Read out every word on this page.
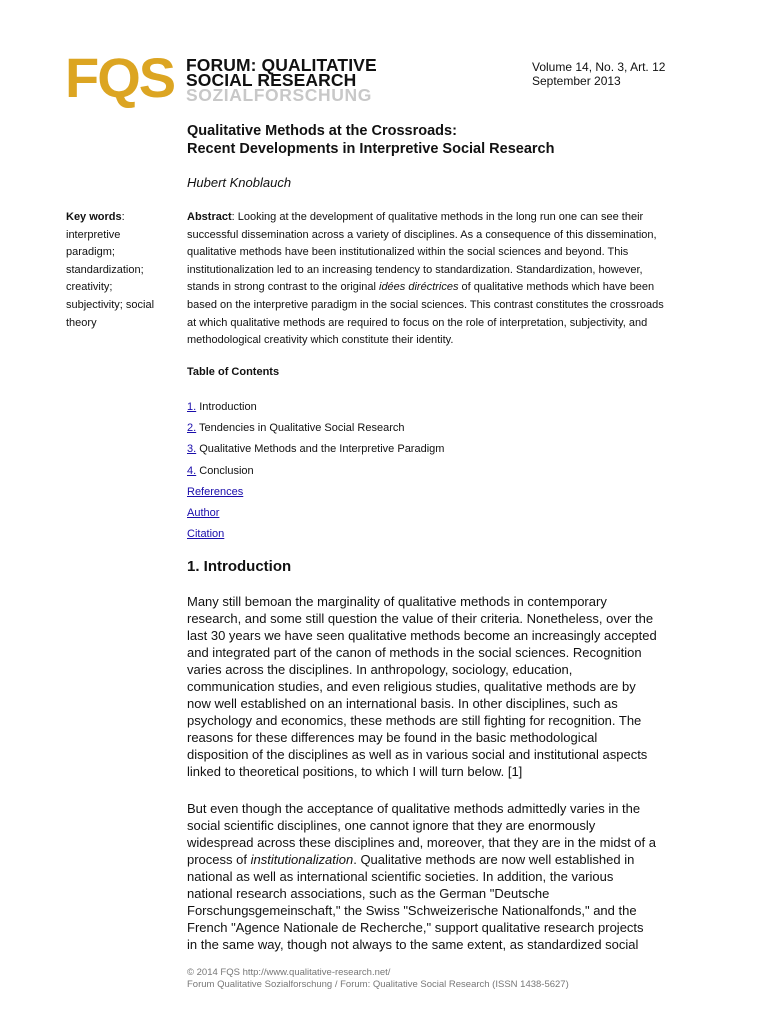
FQS FORUM: QUALITATIVE
SOCIAL RESEARCH
SOZIALFORSCHUNG
Volume 14, No. 3, Art. 12
September 2013
Qualitative Methods at the Crossroads:
Recent Developments in Interpretive Social Research
Hubert Knoblauch
Key words:
interpretive
paradigm;
standardization;
creativity;
subjectivity; social
theory
Abstract: Looking at the development of qualitative methods in the long run one can see their
successful dissemination across a variety of disciplines. As a consequence of this dissemination,
qualitative methods have been institutionalized within the social sciences and beyond. This
institutionalization led to an increasing tendency to standardization. Standardization, however,
stands in strong contrast to the original idées diréctrices of qualitative methods which have been
based on the interpretive paradigm in the social sciences. This contrast constitutes the crossroads
at which qualitative methods are required to focus on the role of interpretation, subjectivity, and
methodological creativity which constitute their identity.
Table of Contents
1. Introduction
2. Tendencies in Qualitative Social Research
3. Qualitative Methods and the Interpretive Paradigm
4. Conclusion
References
Author
Citation
1. Introduction
Many still bemoan the marginality of qualitative methods in contemporary
research, and some still question the value of their criteria. Nonetheless, over the
last 30 years we have seen qualitative methods become an increasingly accepted
and integrated part of the canon of methods in the social sciences. Recognition
varies across the disciplines. In anthropology, sociology, education,
communication studies, and even religious studies, qualitative methods are by
now well established on an international basis. In other disciplines, such as
psychology and economics, these methods are still fighting for recognition. The
reasons for these differences may be found in the basic methodological
disposition of the disciplines as well as in various social and institutional aspects
linked to theoretical positions, to which I will turn below. [1]
But even though the acceptance of qualitative methods admittedly varies in the
social scientific disciplines, one cannot ignore that they are enormously
widespread across these disciplines and, moreover, that they are in the midst of a
process of institutionalization. Qualitative methods are now well established in
national as well as international scientific societies. In addition, the various
national research associations, such as the German "Deutsche
Forschungsgemeinschaft," the Swiss "Schweizerische Nationalfonds," and the
French "Agence Nationale de Recherche," support qualitative research projects
in the same way, though not always to the same extent, as standardized social
© 2014 FQS http://www.qualitative-research.net/
Forum Qualitative Sozialforschung / Forum: Qualitative Social Research (ISSN 1438-5627)
